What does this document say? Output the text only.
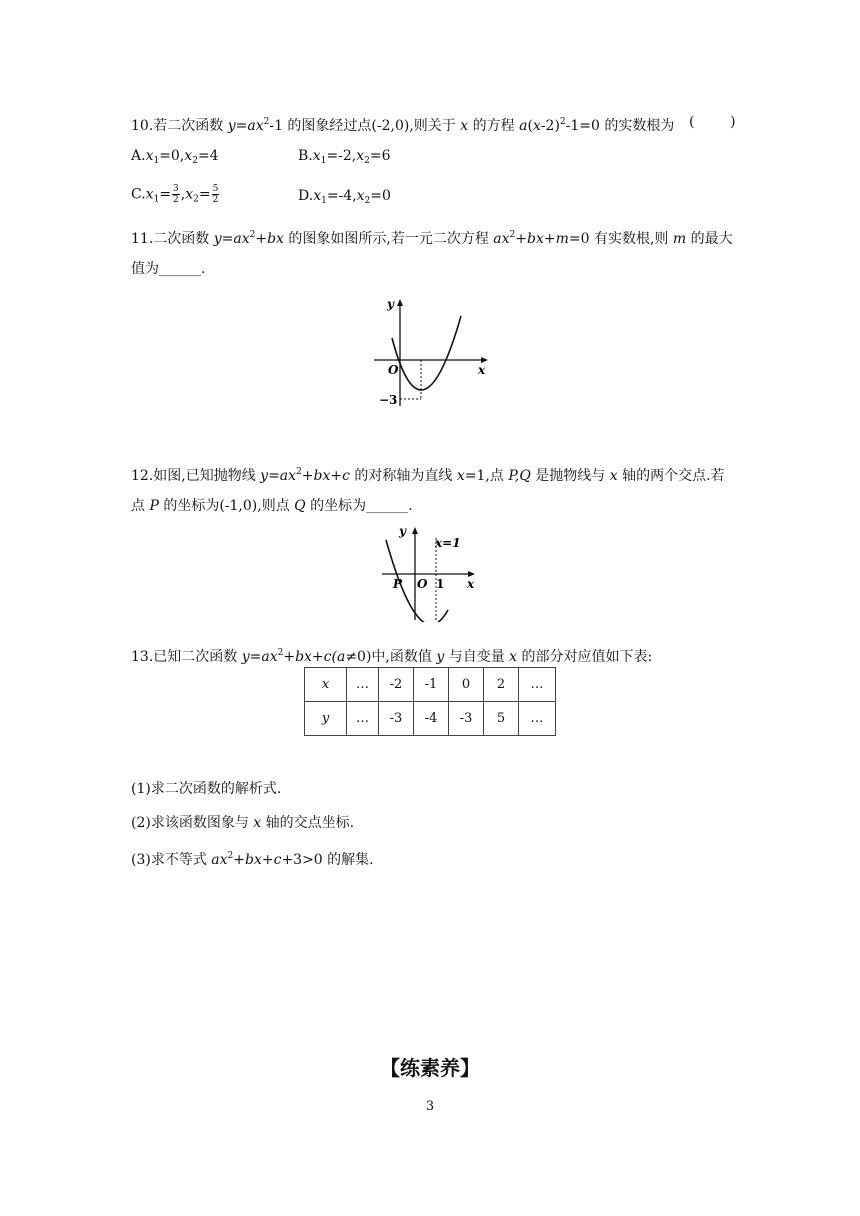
10.若二次函数 $y=ax^2-1$ 的图象经过点(-2,0),则关于 x 的方程 $a(x-2)^2-1=0$ 的实数根为 (        )
$A.x_1=0,x_2=4$	$B.x_1=-2,x_2=6$
$C.x_1= \frac{3}{2} ,x_2= \frac{5}{2}$	$D.x_1=-4,x_2=0$
11.二次函数 $y=ax^2+bx$ 的图象如图所示,若一元二次方程 $ax^2+bx+m=0$ 有实数根,则 m 的最大
值为______.
y
x
O
−3
12.如图,已知抛物线 $y=ax^2+bx+c$ 的对称轴为直线 x=1,点 P,Q 是抛物线与 x 轴的两个交点.若
点 P 的坐标为(-1,0),则点 Q 的坐标为______.
y
x
x=1
P O 1
13.已知二次函数 $y=ax^2+bx+c(a\ne 0)$中,函数值 y 与自变量 x 的部分对应值如下表:
x	…	-2	-1	0	2	…
y	…	-3	-4	-3	5	…
(1)求二次函数的解析式.
(2)求该函数图象与 x 轴的交点坐标.
(3)求不等式 $ax^2+bx+c+3>0$ 的解集.
【练素养】
3
